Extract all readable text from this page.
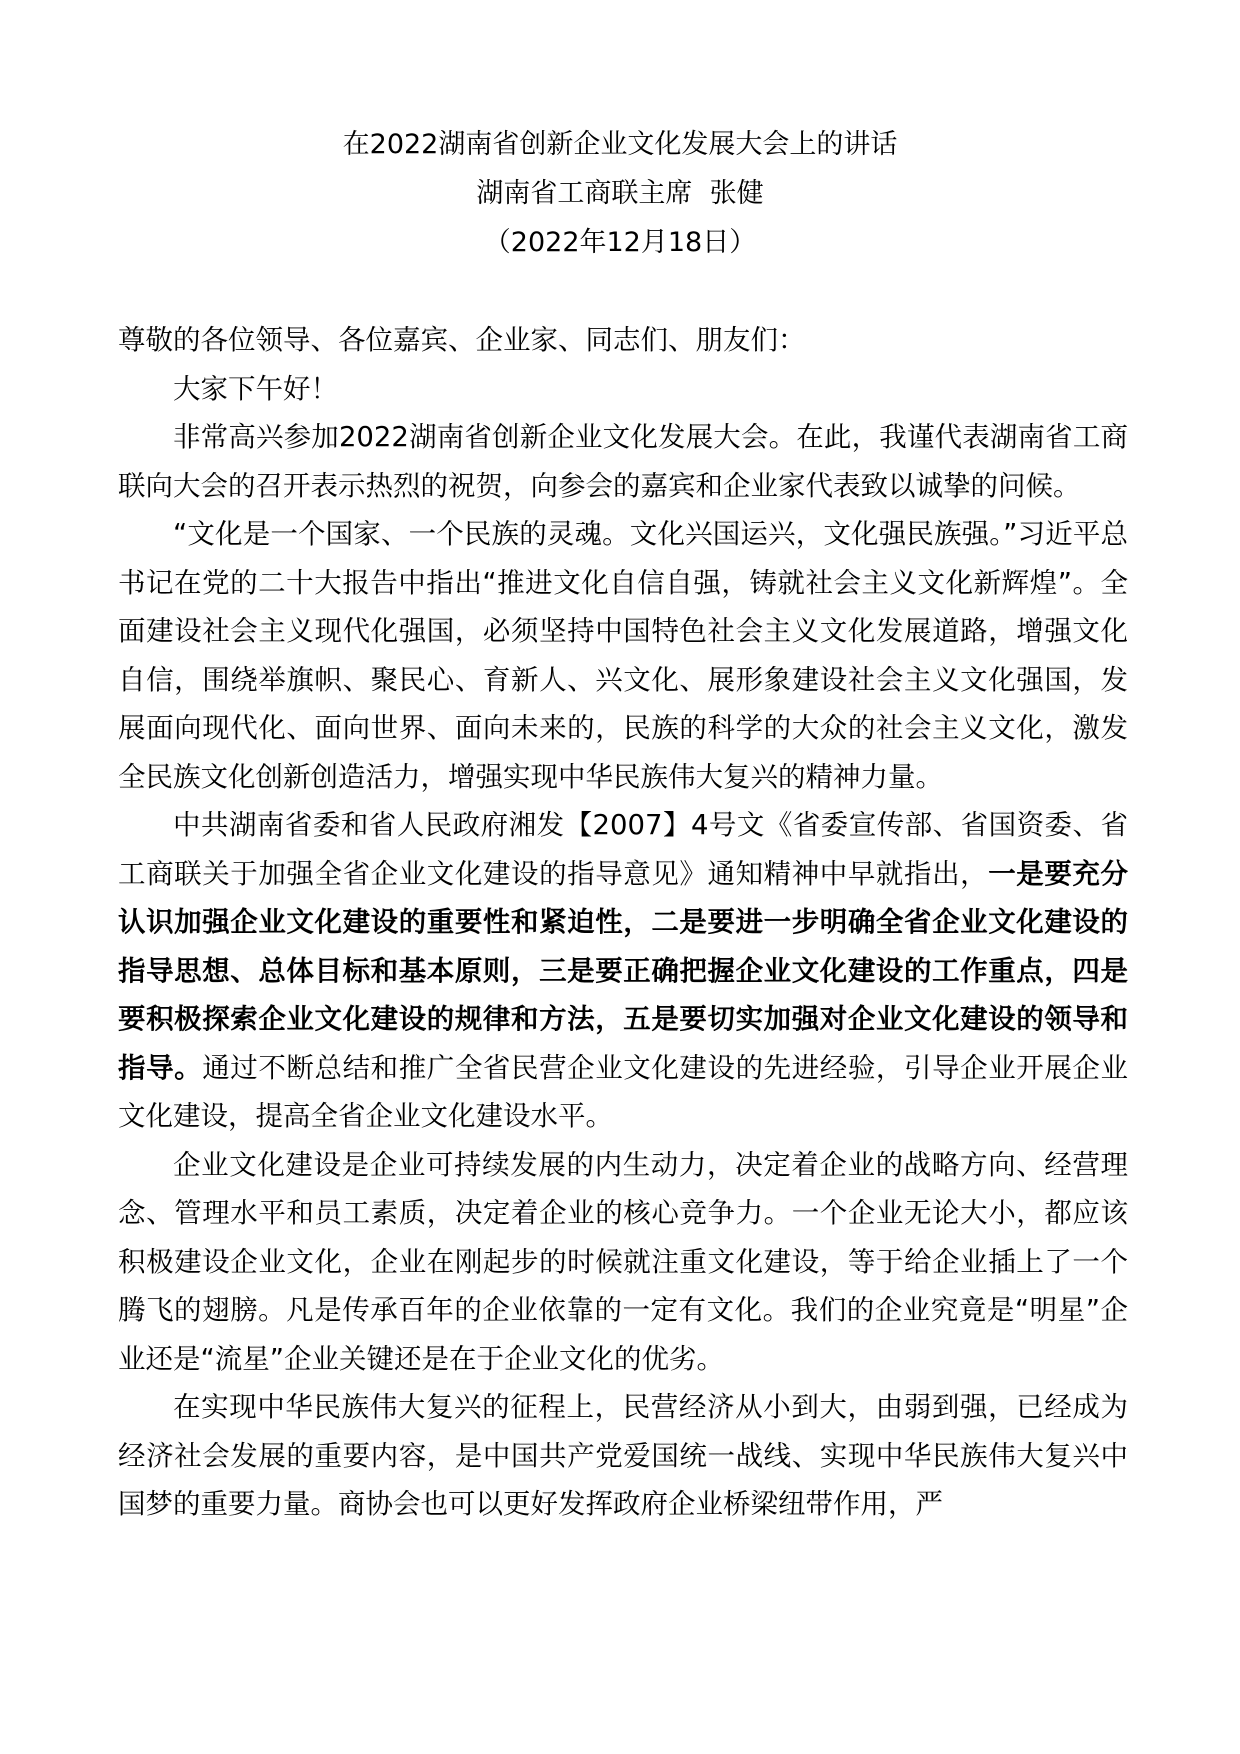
在2022湖南省创新企业文化发展大会上的讲话
湖南省工商联主席  张健
（2022年12月18日）

尊敬的各位领导、各位嘉宾、企业家、同志们、朋友们：

大家下午好！

非常高兴参加2022湖南省创新企业文化发展大会。在此，我谨代表湖南省工商联向大会的召开表示热烈的祝贺，向参会的嘉宾和企业家代表致以诚挚的问候。

“文化是一个国家、一个民族的灵魂。文化兴国运兴，文化强民族强。”习近平总书记在党的二十大报告中指出“推进文化自信自强，铸就社会主义文化新辉煌”。全面建设社会主义现代化强国，必须坚持中国特色社会主义文化发展道路，增强文化自信，围绕举旗帜、聚民心、育新人、兴文化、展形象建设社会主义文化强国，发展面向现代化、面向世界、面向未来的，民族的科学的大众的社会主义文化，激发全民族文化创新创造活力，增强实现中华民族伟大复兴的精神力量。

中共湖南省委和省人民政府湘发【2007】4号文《省委宣传部、省国资委、省工商联关于加强全省企业文化建设的指导意见》通知精神中早就指出，一是要充分认识加强企业文化建设的重要性和紧迫性，二是要进一步明确全省企业文化建设的指导思想、总体目标和基本原则，三是要正确把握企业文化建设的工作重点，四是要积极探索企业文化建设的规律和方法，五是要切实加强对企业文化建设的领导和指导。通过不断总结和推广全省民营企业文化建设的先进经验，引导企业开展企业文化建设，提高全省企业文化建设水平。

企业文化建设是企业可持续发展的内生动力，决定着企业的战略方向、经营理念、管理水平和员工素质，决定着企业的核心竞争力。一个企业无论大小，都应该积极建设企业文化，企业在刚起步的时候就注重文化建设，等于给企业插上了一个腾飞的翅膀。凡是传承百年的企业依靠的一定有文化。我们的企业究竟是“明星”企业还是“流星”企业关键还是在于企业文化的优劣。

在实现中华民族伟大复兴的征程上，民营经济从小到大，由弱到强，已经成为经济社会发展的重要内容，是中国共产党爱国统一战线、实现中华民族伟大复兴中国梦的重要力量。商协会也可以更好发挥政府企业桥梁纽带作用，严
